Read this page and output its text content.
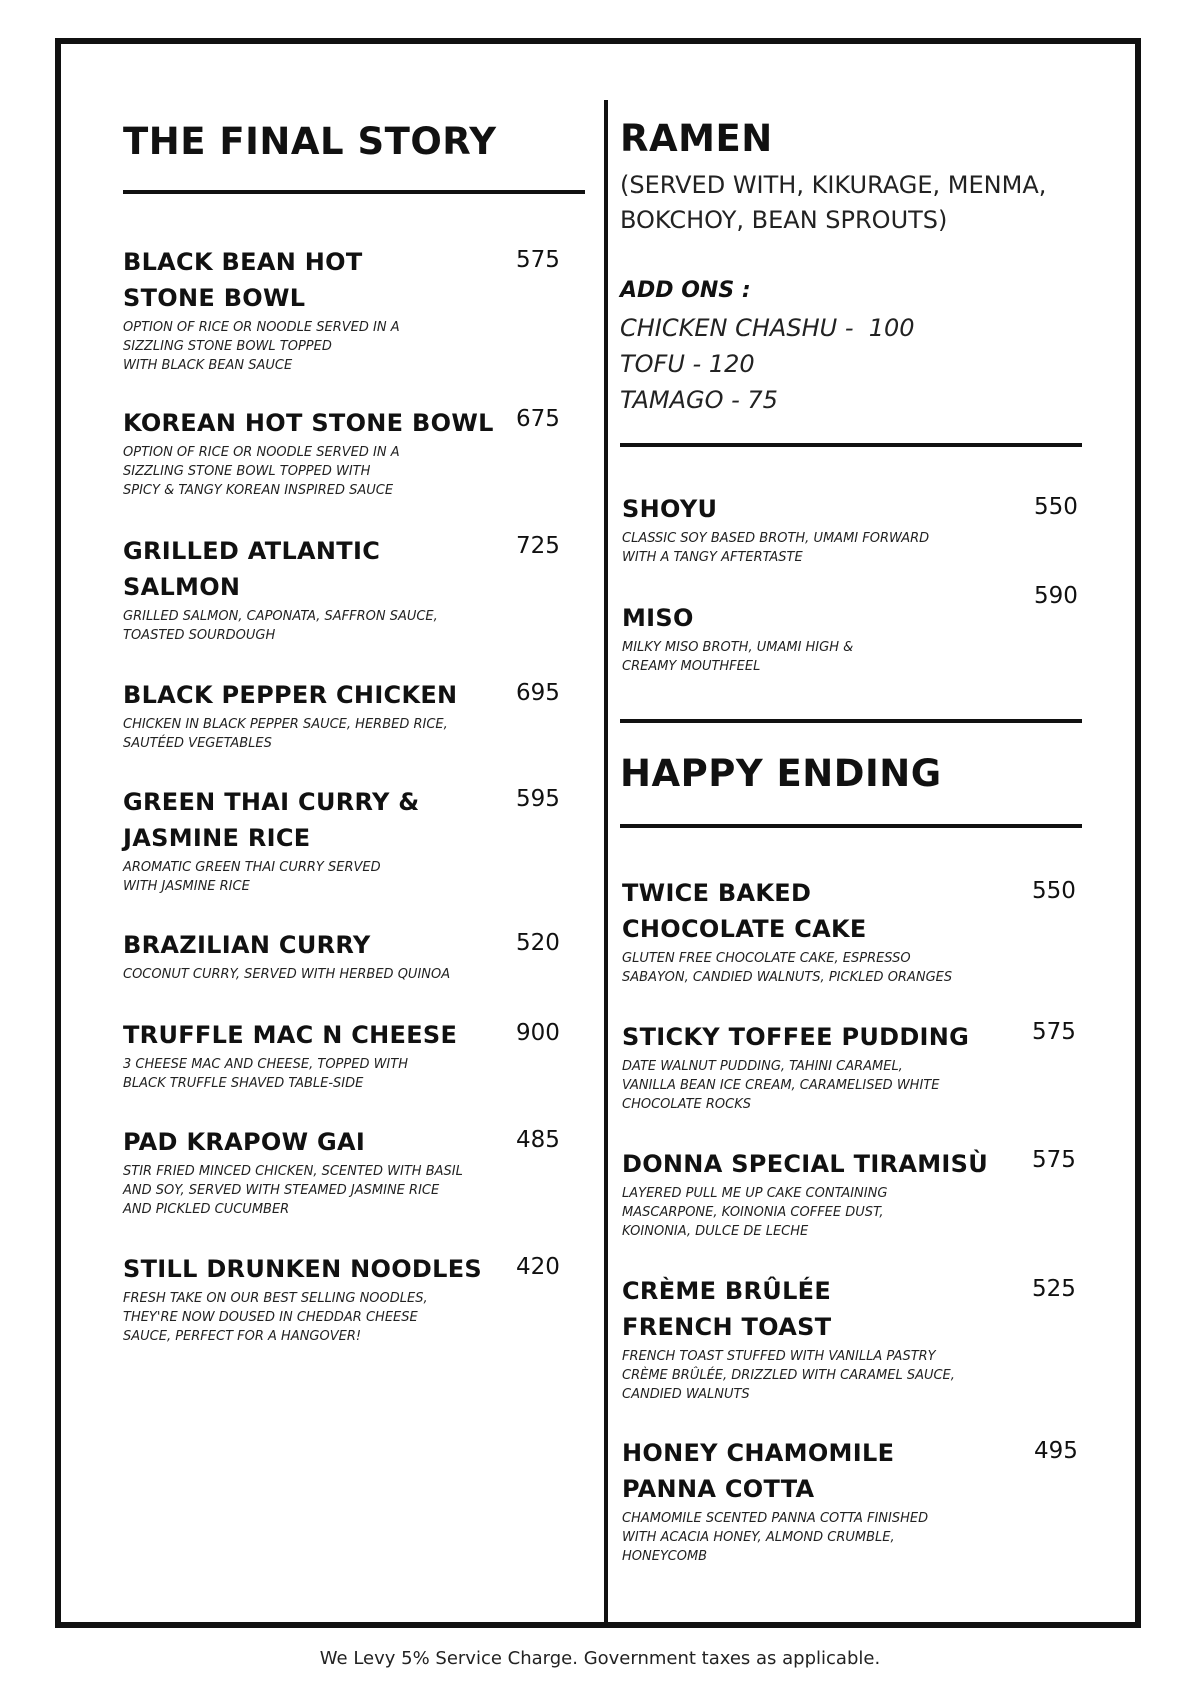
THE FINAL STORY
BLACK BEAN HOT
STONE BOWL
OPTION OF RICE OR NOODLE SERVED IN A
SIZZLING STONE BOWL TOPPED
WITH BLACK BEAN SAUCE
575
KOREAN HOT STONE BOWL
OPTION OF RICE OR NOODLE SERVED IN A
SIZZLING STONE BOWL TOPPED WITH
SPICY & TANGY KOREAN INSPIRED SAUCE
675
GRILLED ATLANTIC
SALMON
GRILLED SALMON, CAPONATA, SAFFRON SAUCE,
TOASTED SOURDOUGH
725
BLACK PEPPER CHICKEN
CHICKEN IN BLACK PEPPER SAUCE, HERBED RICE,
SAUTÉED VEGETABLES
695
GREEN THAI CURRY &
JASMINE RICE
AROMATIC GREEN THAI CURRY SERVED
WITH JASMINE RICE
595
BRAZILIAN CURRY
COCONUT CURRY, SERVED WITH HERBED QUINOA
520
TRUFFLE MAC N CHEESE
3 CHEESE MAC AND CHEESE, TOPPED WITH
BLACK TRUFFLE SHAVED TABLE-SIDE
900
PAD KRAPOW GAI
STIR FRIED MINCED CHICKEN, SCENTED WITH BASIL
AND SOY, SERVED WITH STEAMED JASMINE RICE
AND PICKLED CUCUMBER
485
STILL DRUNKEN NOODLES
FRESH TAKE ON OUR BEST SELLING NOODLES,
THEY'RE NOW DOUSED IN CHEDDAR CHEESE
SAUCE, PERFECT FOR A HANGOVER!
420
RAMEN
(SERVED WITH, KIKURAGE, MENMA,
BOKCHOY, BEAN SPROUTS)
ADD ONS :
CHICKEN CHASHU -  100
TOFU - 120
TAMAGO - 75
SHOYU
CLASSIC SOY BASED BROTH, UMAMI FORWARD
WITH A TANGY AFTERTASTE
550
MISO
MILKY MISO BROTH, UMAMI HIGH &
CREAMY MOUTHFEEL
590
HAPPY ENDING
TWICE BAKED
CHOCOLATE CAKE
GLUTEN FREE CHOCOLATE CAKE, ESPRESSO
SABAYON, CANDIED WALNUTS, PICKLED ORANGES
550
STICKY TOFFEE PUDDING
DATE WALNUT PUDDING, TAHINI CARAMEL,
VANILLA BEAN ICE CREAM, CARAMELISED WHITE
CHOCOLATE ROCKS
575
DONNA SPECIAL TIRAMISÙ
LAYERED PULL ME UP CAKE CONTAINING
MASCARPONE, KOINONIA COFFEE DUST,
KOINONIA, DULCE DE LECHE
575
CRÈME BRÛLÉE
FRENCH TOAST
FRENCH TOAST STUFFED WITH VANILLA PASTRY
CRÈME BRÛLÉE, DRIZZLED WITH CARAMEL SAUCE,
CANDIED WALNUTS
525
HONEY CHAMOMILE
PANNA COTTA
CHAMOMILE SCENTED PANNA COTTA FINISHED
WITH ACACIA HONEY, ALMOND CRUMBLE,
HONEYCOMB
495
We Levy 5% Service Charge. Government taxes as applicable.
